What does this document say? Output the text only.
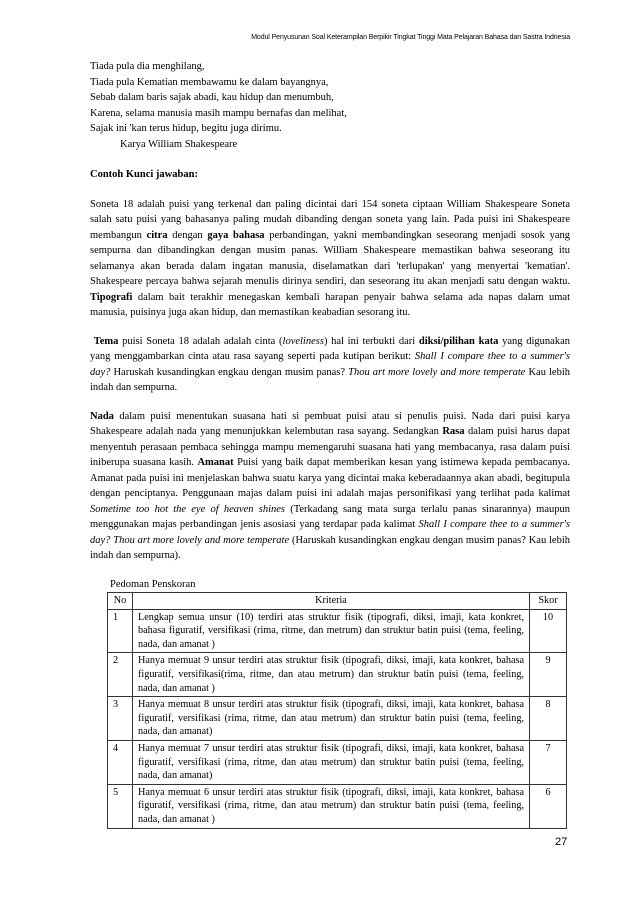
Modul Penyusunan Soal Keterampilan Berpikir Tingkat Tinggi Mata Pelajaran Bahasa dan Sastra Indnesia

Tiada pula dia menghilang,

Tiada pula Kematian membawamu ke dalam bayangnya,

Sebab dalam baris sajak abadi, kau hidup dan menumbuh,

Karena, selama manusia masih mampu bernafas dan melihat,

Sajak ini 'kan terus hidup, begitu juga dirimu.

Karya William Shakespeare

Contoh Kunci jawaban:

Soneta 18 adalah puisi yang terkenal dan paling dicintai dari 154 soneta ciptaan William Shakespeare Soneta salah satu puisi yang bahasanya paling mudah dibanding dengan soneta yang lain. Pada puisi ini Shakespeare membangun citra dengan gaya bahasa perbandingan, yakni membandingkan seseorang menjadi sosok yang sempurna dan dibandingkan dengan musim panas. William Shakespeare memastikan bahwa seseorang itu selamanya akan berada dalam ingatan manusia, diselamatkan dari 'terlupakan' yang menyertai 'kematian'. Shakespeare percaya bahwa sejarah menulis dirinya sendiri, dan seseorang itu akan menjadi satu dengan waktu. Tipografi dalam bait terakhir menegaskan kembali harapan penyair bahwa selama ada napas dalam umat manusia, puisinya juga akan hidup, dan memastikan keabadian sesorang itu.

Tema puisi Soneta 18 adalah adalah cinta (loveliness) hal ini terbukti dari diksi/pilihan kata yang digunakan yang menggambarkan cinta atau rasa sayang seperti pada kutipan berikut: Shall I compare thee to a summer's day? Haruskah kusandingkan engkau dengan musim panas? Thou art more lovely and more temperate Kau lebih indah dan sempurna.

Nada dalam puisi menentukan suasana hati si pembuat puisi atau si penulis puisi. Nada dari puisi karya Shakespeare adalah nada yang menunjukkan kelembutan rasa sayang. Sedangkan Rasa dalam puisi harus dapat menyentuh perasaan pembaca sehingga mampu memengaruhi suasana hati yang membacanya, rasa dalam puisi iniberupa suasana kasih. Amanat Puisi yang baik dapat memberikan kesan yang istimewa kepada pembacanya. Amanat pada puisi ini menjelaskan bahwa suatu karya yang dicintai maka keberadaannya akan abadi, begitupula dengan penciptanya. Penggunaan majas dalam puisi ini adalah majas personifikasi yang terlihat pada kalimat Sometime too hot the eye of heaven shines (Terkadang sang mata surga terlalu panas sinarannya) maupun menggunakan majas perbandingan jenis asosiasi yang terdapar pada kalimat Shall I compare thee to a summer's day? Thou art more lovely and more temperate (Haruskah kusandingkan engkau dengan musim panas? Kau lebih indah dan sempurna).

Pedoman Penskoran
No	Kriteria	Skor
1	Lengkap semua unsur (10) terdiri atas struktur fisik (tipografi, diksi, imaji, kata konkret, bahasa figuratif, versifikasi (rima, ritme, dan metrum) dan struktur batin puisi (tema, feeling, nada, dan amanat )	10
2	Hanya memuat 9 unsur terdiri atas struktur fisik (tipografi, diksi, imaji, kata konkret, bahasa figuratif, versifikasi(rima, ritme, dan atau metrum) dan struktur batin puisi (tema, feeling, nada, dan amanat )	9
3	Hanya memuat 8 unsur terdiri atas struktur fisik (tipografi, diksi, imaji, kata konkret, bahasa figuratif, versifikasi (rima, ritme, dan atau metrum) dan struktur batin puisi (tema, feeling, nada, dan amanat)	8
4	Hanya memuat 7 unsur terdiri atas struktur fisik (tipografi, diksi, imaji, kata konkret, bahasa figuratif, versifikasi (rima, ritme, dan atau metrum) dan struktur batin puisi (tema, feeling, nada, dan amanat)	7
5	Hanya memuat 6 unsur terdiri atas struktur fisik (tipografi, diksi, imaji, kata konkret, bahasa figuratif, versifikasi (rima, ritme, dan atau metrum) dan struktur batin puisi (tema, feeling, nada, dan amanat )	6
27
